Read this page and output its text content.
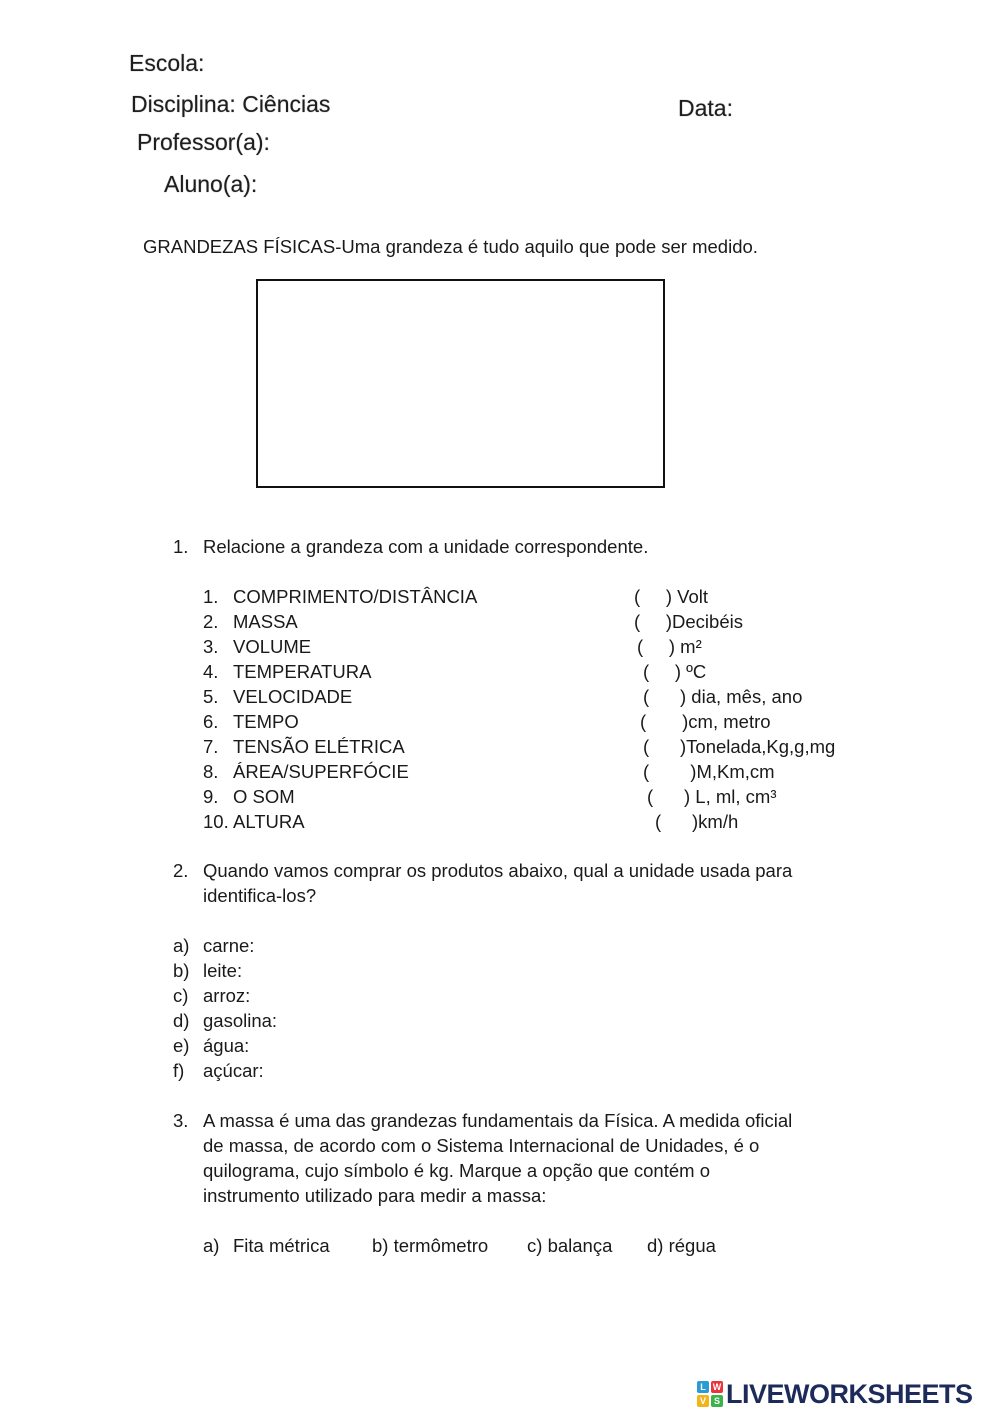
Escola:
Disciplina: Ciências	Data:
Professor(a):
Aluno(a):
GRANDEZAS FÍSICAS-Uma grandeza é tudo aquilo que pode ser medido.
1. Relacione a grandeza com a unidade correspondente.
1. COMPRIMENTO/DISTÂNCIA
2. MASSA
3. VOLUME
4. TEMPERATURA
5. VELOCIDADE
6. TEMPO
7. TENSÃO ELÉTRICA
8. ÁREA/SUPERFÓCIE
9. O SOM
10. ALTURA
(     ) Volt
(     )Decibéis
(     ) m²
(     ) ºC
(      ) dia, mês, ano
(       )cm, metro
(      )Tonelada,Kg,g,mg
(        )M,Km,cm
(      ) L, ml, cm³
(      )km/h
2. Quando vamos comprar os produtos abaixo, qual a unidade usada para
identifica-los?
a) carne:
b) leite:
c) arroz:
d) gasolina:
e) água:
f) açúcar:
3. A massa é uma das grandezas fundamentais da Física. A medida oficial
de massa, de acordo com o Sistema Internacional de Unidades, é o
quilograma, cujo símbolo é kg. Marque a opção que contém o
instrumento utilizado para medir a massa:
a) Fita métrica b) termômetro c) balança d) régua
L W
V S LIVEWORKSHEETS
